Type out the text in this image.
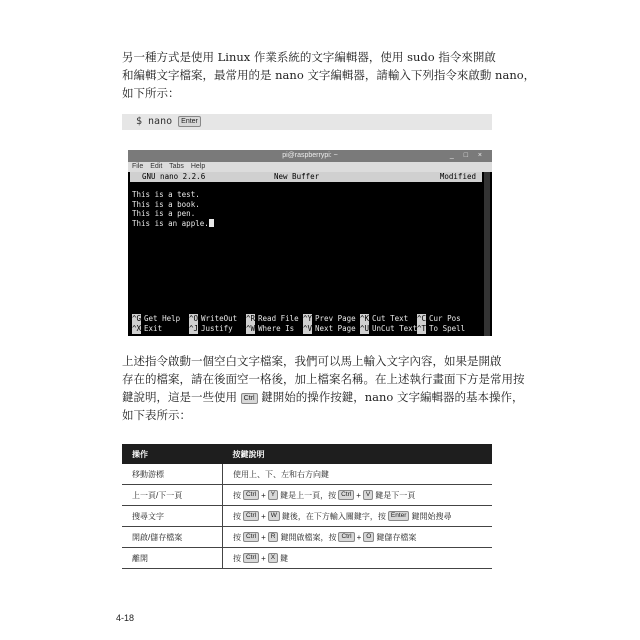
另一種方式是使用 Linux 作業系統的文字編輯器，使用 sudo 指令來開啟
和編輯文字檔案，最常用的是 nano 文字編輯器，請輸入下列指令來啟動 nano，
如下所示：

$ nano Enter
pi@raspberrypi: ~	_ □ ×
File Edit Tabs Help
GNU nano 2.2.6	New Buffer	Modified
This is a test.
This is a book.
This is a pen.
This is an apple.
^G Get Help ^O WriteOut ^R Read File ^Y Prev Page ^K Cut Text ^C Cur Pos
^X Exit	^J Justify ^W Where Is ^V Next Page ^U UnCut Text ^T To Spell

上述指令啟動一個空白文字檔案，我們可以馬上輸入文字內容，如果是開啟
存在的檔案，請在後面空一格後，加上檔案名稱。在上述執行畫面下方是常用按
鍵說明，這是一些使用 Ctrl 鍵開始的操作按鍵，nano 文字編輯器的基本操作，
如下表所示：

操作	按鍵說明
移動游標	使用上、下、左和右方向鍵
上一頁/下一頁	按 Ctrl + Y 鍵是上一頁，按 Ctrl + V 鍵是下一頁
搜尋文字	按 Ctrl + W 鍵後，在下方輸入關鍵字，按 Enter 鍵開始搜尋
開啟/儲存檔案	按 Ctrl + R 鍵開啟檔案，按 Ctrl + O 鍵儲存檔案
離開	按 Ctrl + X 鍵
4-18
